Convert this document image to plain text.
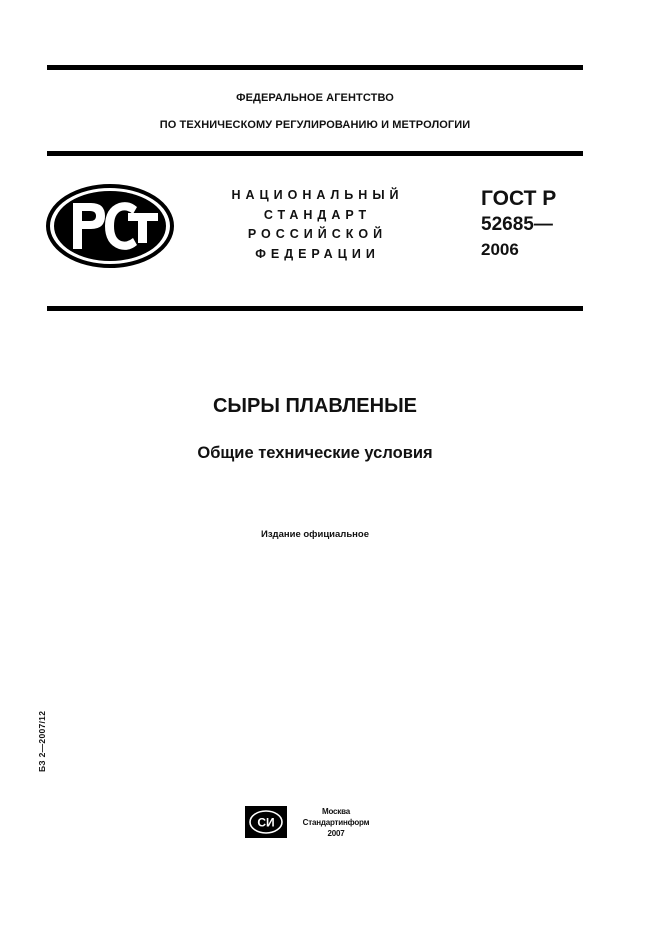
ФЕДЕРАЛЬНОЕ АГЕНТСТВО
ПО ТЕХНИЧЕСКОМУ РЕГУЛИРОВАНИЮ И МЕТРОЛОГИИ
НАЦИОНАЛЬНЫЙ
СТАНДАРТ
РОССИЙСКОЙ
ФЕДЕРАЦИИ
ГОСТ Р
52685—
2006
СЫРЫ ПЛАВЛЕНЫЕ
Общие технические условия
Издание официальное
БЗ 2—2007/12
СИ
Москва
Стандартинформ
2007
